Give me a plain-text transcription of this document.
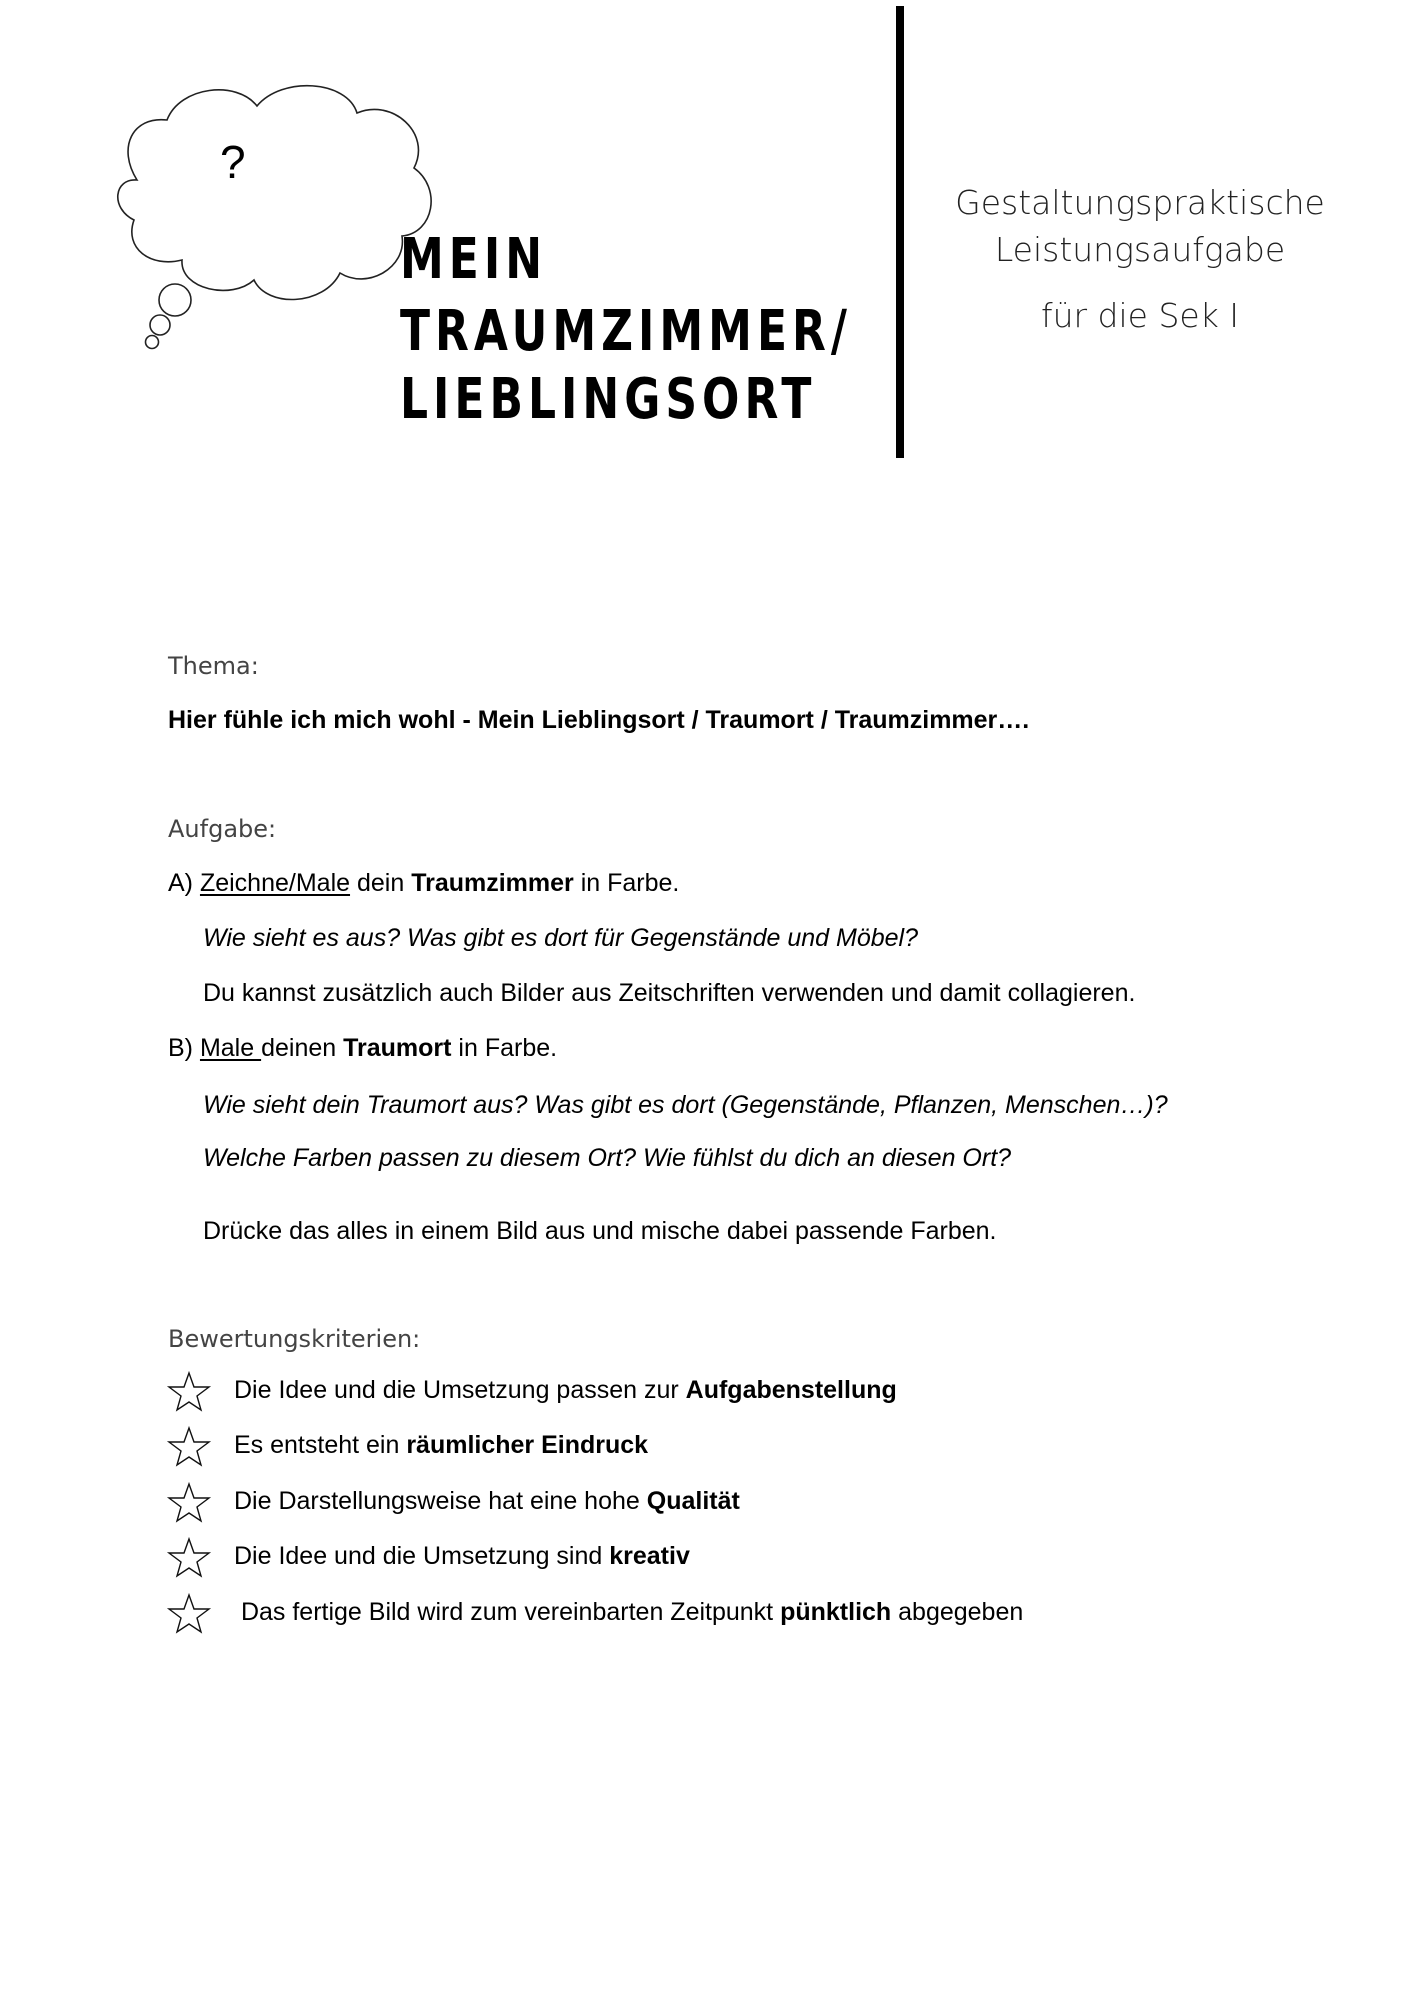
?
MEIN
TRAUMZIMMER/
LIEBLINGSORT
Gestaltungspraktische
Leistungsaufgabe
für die Sek I
Thema:
Hier fühle ich mich wohl - Mein Lieblingsort / Traumort / Traumzimmer….
Aufgabe:
A) Zeichne/Male dein Traumzimmer in Farbe.
Wie sieht es aus? Was gibt es dort für Gegenstände und Möbel?
Du kannst zusätzlich auch Bilder aus Zeitschriften verwenden und damit collagieren.
B) Male deinen Traumort in Farbe.
Wie sieht dein Traumort aus? Was gibt es dort (Gegenstände, Pflanzen, Menschen…)?
Welche Farben passen zu diesem Ort? Wie fühlst du dich an diesen Ort?
Drücke das alles in einem Bild aus und mische dabei passende Farben.
Bewertungskriterien:
Die Idee und die Umsetzung passen zur Aufgabenstellung
Es entsteht ein räumlicher Eindruck
Die Darstellungsweise hat eine hohe Qualität
Die Idee und die Umsetzung sind kreativ
Das fertige Bild wird zum vereinbarten Zeitpunkt pünktlich abgegeben
